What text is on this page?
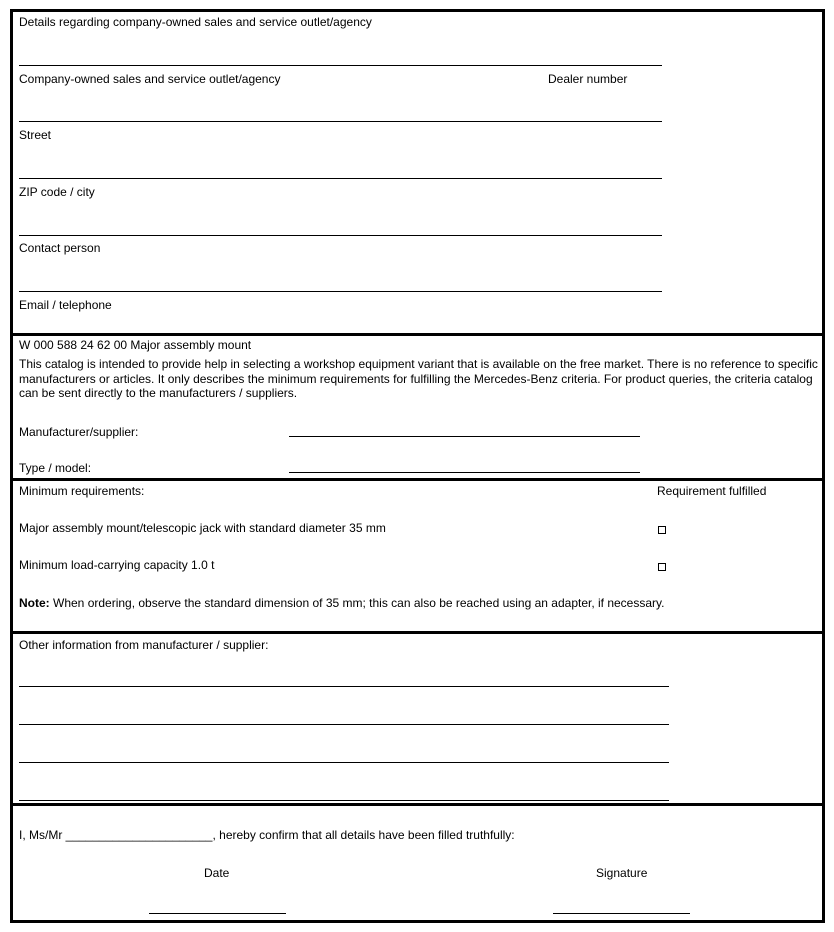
Details regarding company-owned sales and service outlet/agency
Company-owned sales and service outlet/agency	Dealer number
Street
ZIP code / city
Contact person
Email / telephone
W 000 588 24 62 00 Major assembly mount

This catalog is intended to provide help in selecting a workshop equipment variant that is available on the free market. There is no reference to specific manufacturers or articles. It only describes the minimum requirements for fulfilling the Mercedes-Benz criteria. For product queries, the criteria catalog can be sent directly to the manufacturers / suppliers.

Manufacturer/supplier:
Type / model:
Minimum requirements:	Requirement fulfilled
Major assembly mount/telescopic jack with standard diameter 35 mm
Minimum load-carrying capacity 1.0 t
Note: When ordering, observe the standard dimension of 35 mm; this can also be reached using an adapter, if necessary.
Other information from manufacturer / supplier:
I, Ms/Mr ______________________, hereby confirm that all details have been filled truthfully:
Date	Signature
